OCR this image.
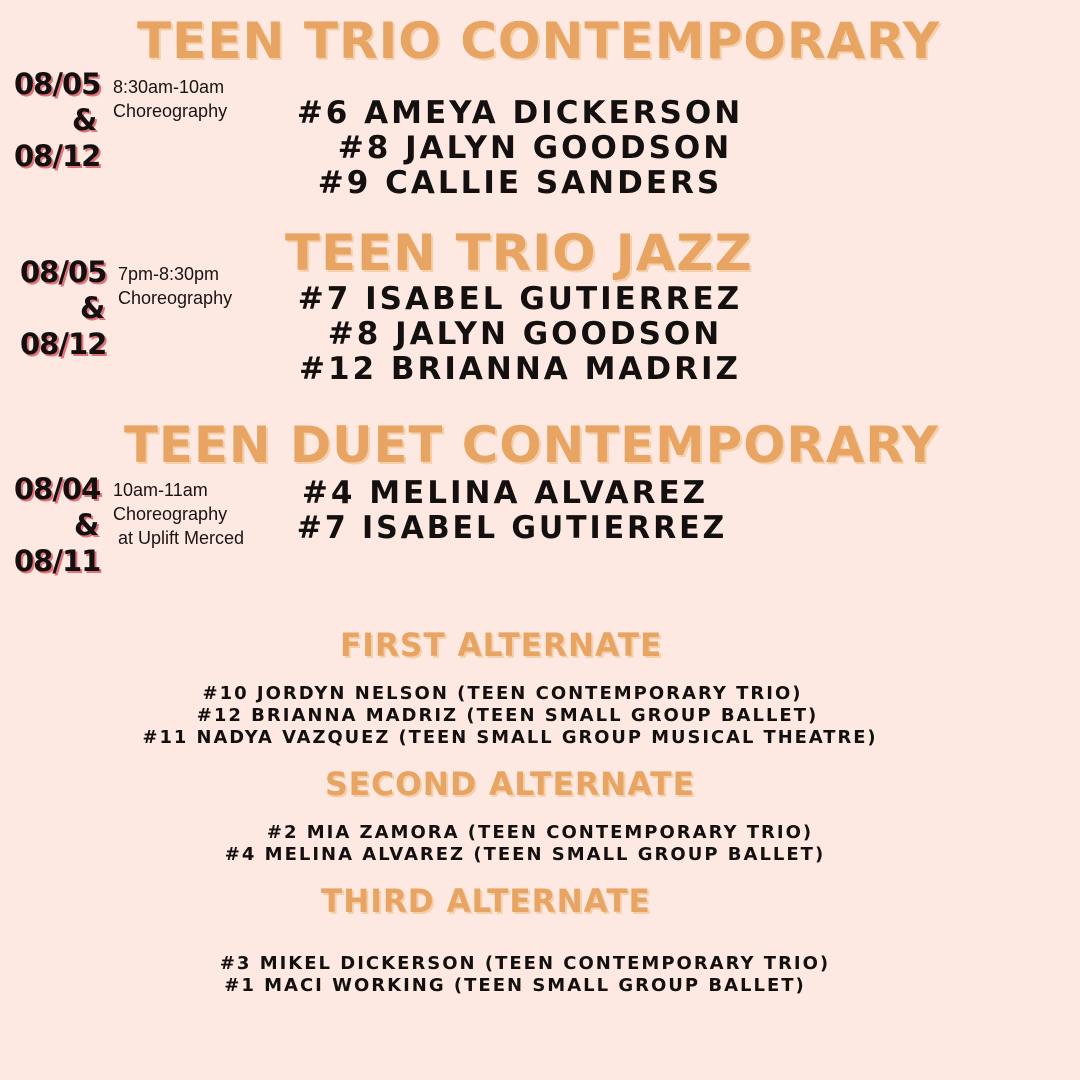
TEEN TRIO CONTEMPORARY
08/05
&
08/12
8:30am-10am
Choreography #6 AMEYA DICKERSON
#8 JALYN GOODSON
#9 CALLIE SANDERS
TEEN TRIO JAZZ
08/05
&
08/12
7pm-8:30pm
Choreography #7 ISABEL GUTIERREZ
#8 JALYN GOODSON
#12 BRIANNA MADRIZ
TEEN DUET CONTEMPORARY
08/04
&
08/11
10am-11am
Choreography
at Uplift Merced
#4 MELINA ALVAREZ
#7 ISABEL GUTIERREZ
FIRST ALTERNATE
#10 JORDYN NELSON (TEEN CONTEMPORARY TRIO)
#12 BRIANNA MADRIZ (TEEN SMALL GROUP BALLET)
#11 NADYA VAZQUEZ (TEEN SMALL GROUP MUSICAL THEATRE)
SECOND ALTERNATE
#2 MIA ZAMORA (TEEN CONTEMPORARY TRIO)
#4 MELINA ALVAREZ (TEEN SMALL GROUP BALLET)
THIRD ALTERNATE
#3 MIKEL DICKERSON (TEEN CONTEMPORARY TRIO)
#1 MACI WORKING (TEEN SMALL GROUP BALLET)
